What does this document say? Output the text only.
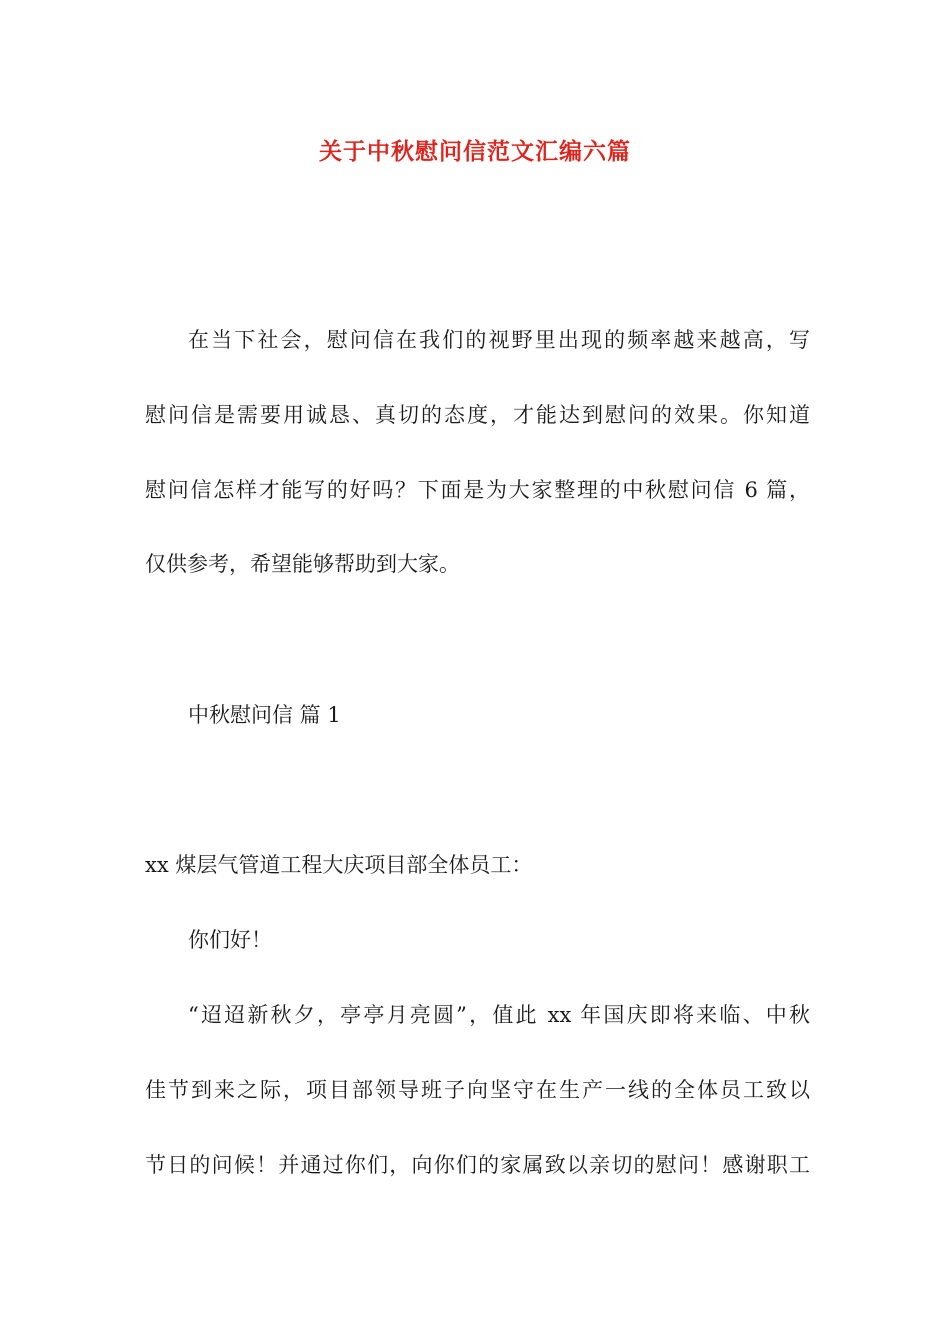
关于中秋慰问信范文汇编六篇

在当下社会，慰问信在我们的视野里出现的频率越来越高，写

慰问信是需要用诚恳、真切的态度，才能达到慰问的效果。你知道

慰问信怎样才能写的好吗？下面是为大家整理的中秋慰问信 6 篇，

仅供参考，希望能够帮助到大家。

中秋慰问信 篇 1

xx 煤层气管道工程大庆项目部全体员工：

你们好！

“迢迢新秋夕，亭亭月亮圆”，值此 xx 年国庆即将来临、中秋

佳节到来之际，项目部领导班子向坚守在生产一线的全体员工致以

节日的问候！并通过你们，向你们的家属致以亲切的慰问！感谢职工
